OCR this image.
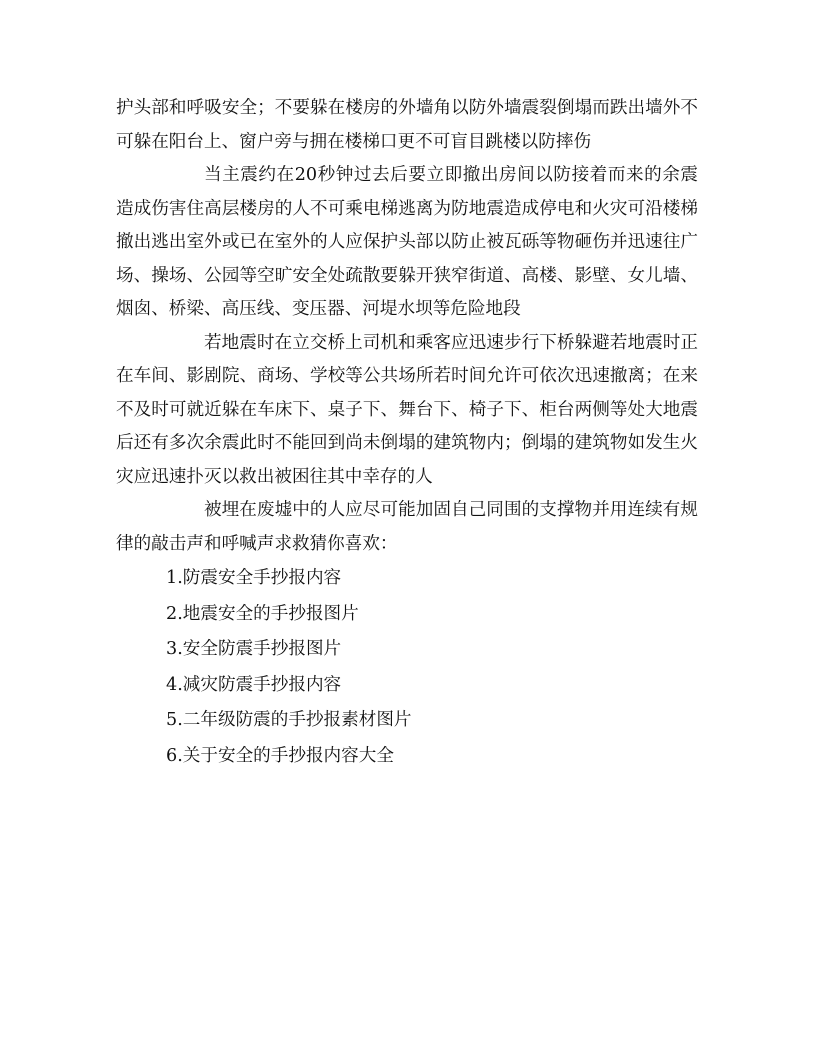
护头部和呼吸安全；不要躲在楼房的外墙角以防外墙震裂倒塌而跌出墙外不可躲在阳台上、窗户旁与拥在楼梯口更不可盲目跳楼以防摔伤

当主震约在20秒钟过去后要立即撤出房间以防接着而来的余震造成伤害住高层楼房的人不可乘电梯逃离为防地震造成停电和火灾可沿楼梯撤出逃出室外或已在室外的人应保护头部以防止被瓦砾等物砸伤并迅速往广场、操场、公园等空旷安全处疏散要躲开狭窄街道、高楼、影壁、女儿墙、烟囱、桥梁、高压线、变压器、河堤水坝等危险地段

若地震时在立交桥上司机和乘客应迅速步行下桥躲避若地震时正在车间、影剧院、商场、学校等公共场所若时间允许可依次迅速撤离；在来不及时可就近躲在车床下、桌子下、舞台下、椅子下、柜台两侧等处大地震后还有多次余震此时不能回到尚未倒塌的建筑物内；倒塌的建筑物如发生火灾应迅速扑灭以救出被困往其中幸存的人

被埋在废墟中的人应尽可能加固自己同围的支撑物并用连续有规律的敲击声和呼喊声求救猜你喜欢：

1.防震安全手抄报内容
2.地震安全的手抄报图片
3.安全防震手抄报图片
4.减灾防震手抄报内容
5.二年级防震的手抄报素材图片
6.关于安全的手抄报内容大全
